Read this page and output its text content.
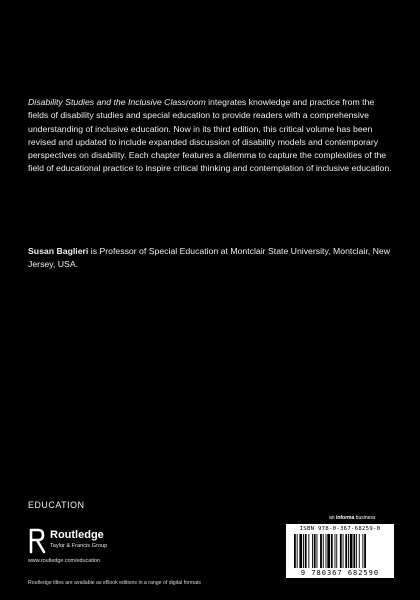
Disability Studies and the Inclusive Classroom integrates knowledge and practice from the fields of disability studies and special education to provide readers with a comprehensive understanding of inclusive education. Now in its third edition, this critical volume has been revised and updated to include expanded discussion of disability models and contemporary perspectives on disability. Each chapter features a dilemma to capture the complexities of the field of educational practice to inspire critical thinking and contemplation of inclusive education.
Susan Baglieri is Professor of Special Education at Montclair State University, Montclair, New Jersey, USA.
EDUCATION
Routledge
Taylor & Francis Group
www.routledge.com/education
Routledge titles are available as eBook editions in a range of digital formats
an informa business
ISBN 978-0-367-68259-0
9 780367 682590
